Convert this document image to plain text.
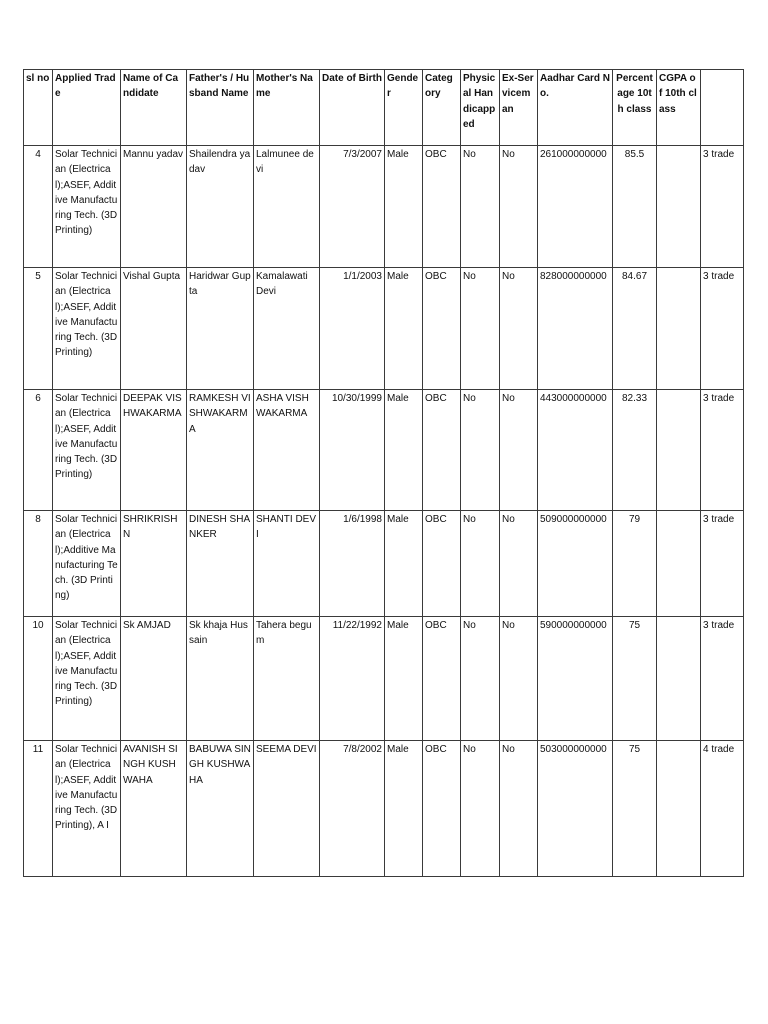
sl no	Applied Trade	Name of Candidate	Father's / Husband Name	Mother's Name	Date of Birth	Gender	Category	Physical Handicapped	Ex-Serviceman	Aadhar Card No.	Percentage 10th class	CGPA of 10th class	
4	Solar Technician (Electrical);ASEF, Additive Manufacturing Tech. (3D Printing)	Mannu yadav	Shailendra yadav	Lalmunee devi	7/3/2007	Male	OBC	No	No	261000000000	85.5		3 trade
5	Solar Technician (Electrical);ASEF, Additive Manufacturing Tech. (3D Printing)	Vishal Gupta	Haridwar Gupta	Kamalawati Devi	1/1/2003	Male	OBC	No	No	828000000000	84.67		3 trade
6	Solar Technician (Electrical);ASEF, Additive Manufacturing Tech. (3D Printing)	DEEPAK VISHWAKARMA	RAMKESH VISHWAKARMA	ASHA VISHWAKARMA	10/30/1999	Male	OBC	No	No	443000000000	82.33		3 trade
8	Solar Technician (Electrical);Additive Manufacturing Tech. (3D Printing)	SHRIKRISHN	DINESH SHANKER	SHANTI DEVI	1/6/1998	Male	OBC	No	No	509000000000	79		3 trade
10	Solar Technician (Electrical);ASEF, Additive Manufacturing Tech. (3D Printing)	Sk AMJAD	Sk khaja Hussain	Tahera begum	11/22/1992	Male	OBC	No	No	590000000000	75		3 trade
11	Solar Technician (Electrical);ASEF, Additive Manufacturing Tech. (3D Printing), A I	AVANISH SINGH KUSHWAHA	BABUWA SINGH KUSHWAHA	SEEMA DEVI	7/8/2002	Male	OBC	No	No	503000000000	75		4 trade
